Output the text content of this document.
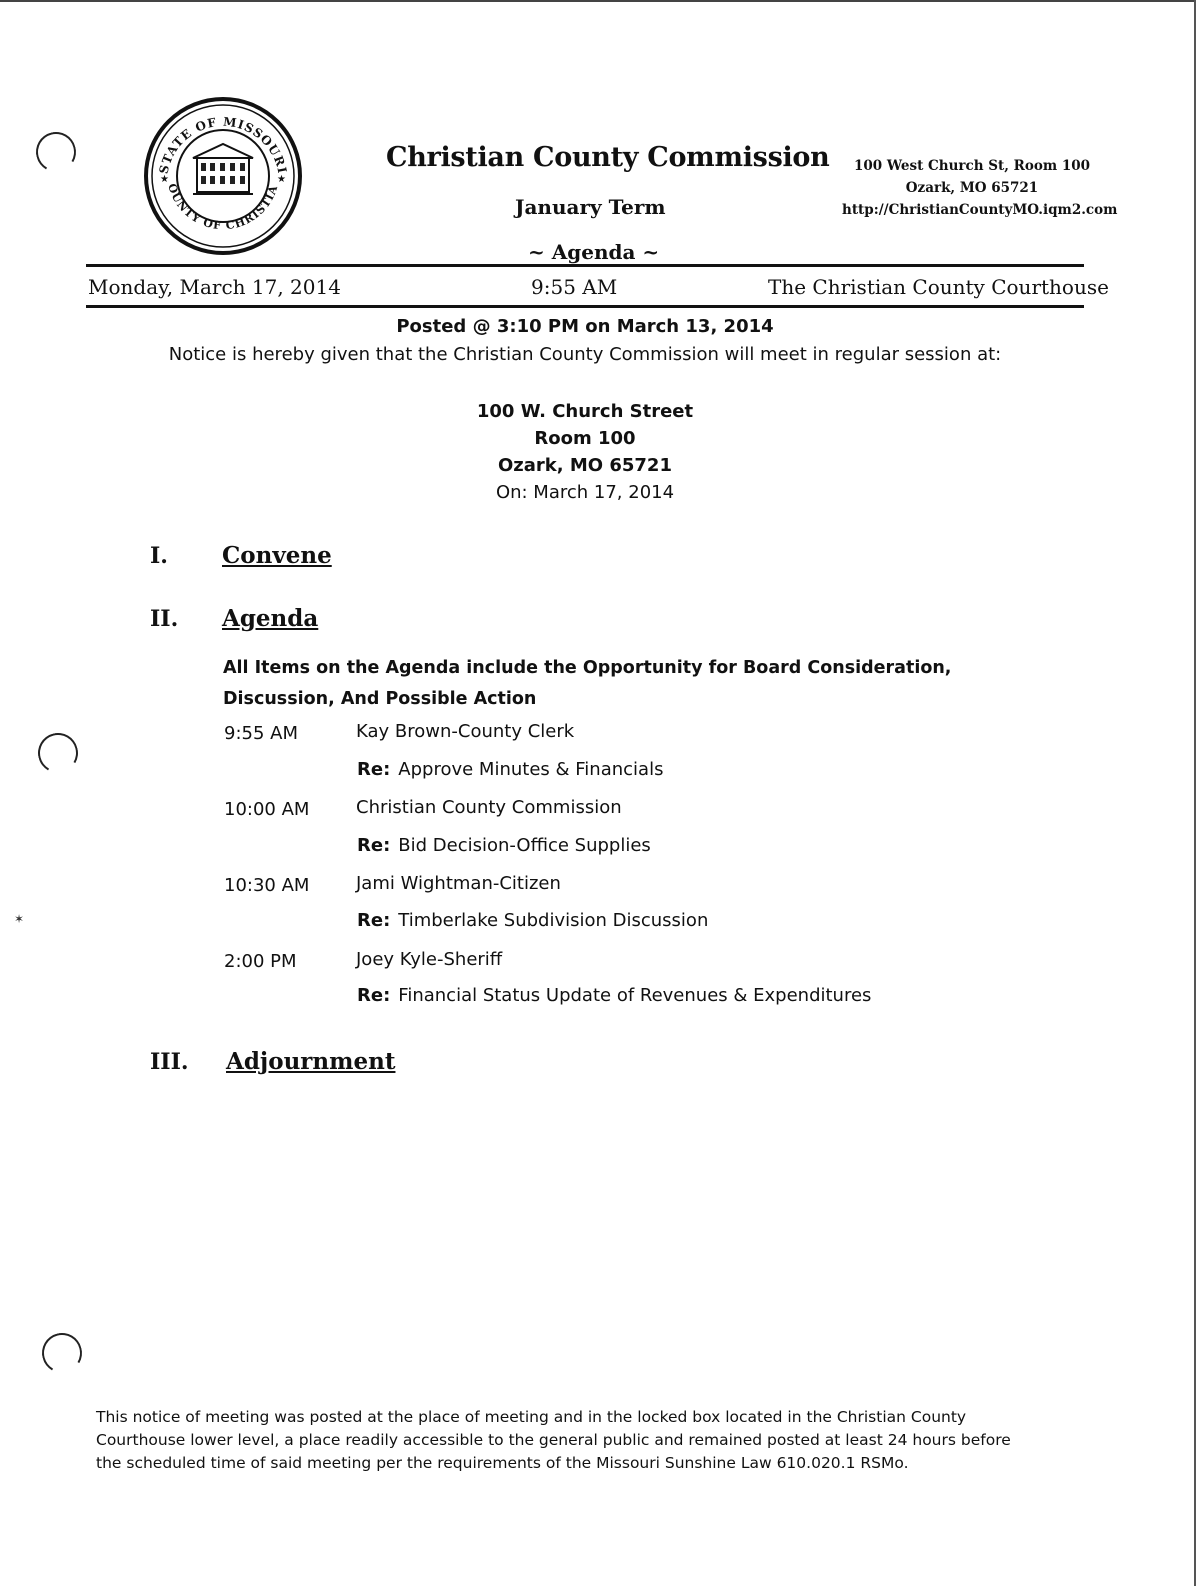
✶
STATE OF MISSOURI
OUNTY OF CHRISTIA
★	★
Christian County Commission
January Term
~ Agenda ~
100 West Church St, Room 100
Ozark, MO 65721
http://ChristianCountyMO.iqm2.com
Monday, March 17, 2014	9:55 AM	The Christian County Courthouse
Posted @ 3:10 PM on March 13, 2014
Notice is hereby given that the Christian County Commission will meet in regular session at:
100 W. Church Street
Room 100
Ozark, MO 65721
On: March 17, 2014
I. Convene
II. Agenda
All Items on the Agenda include the Opportunity for Board Consideration, Discussion, And Possible Action
9:55 AM	Kay Brown-County Clerk
Re: Approve Minutes & Financials
10:00 AM	Christian County Commission
Re: Bid Decision-Office Supplies
10:30 AM	Jami Wightman-Citizen
Re: Timberlake Subdivision Discussion
2:00 PM	Joey Kyle-Sheriff
Re: Financial Status Update of Revenues & Expenditures
III. Adjournment
This notice of meeting was posted at the place of meeting and in the locked box located in the Christian County Courthouse lower level, a place readily accessible to the general public and remained posted at least 24 hours before the scheduled time of said meeting per the requirements of the Missouri Sunshine Law 610.020.1 RSMo.
